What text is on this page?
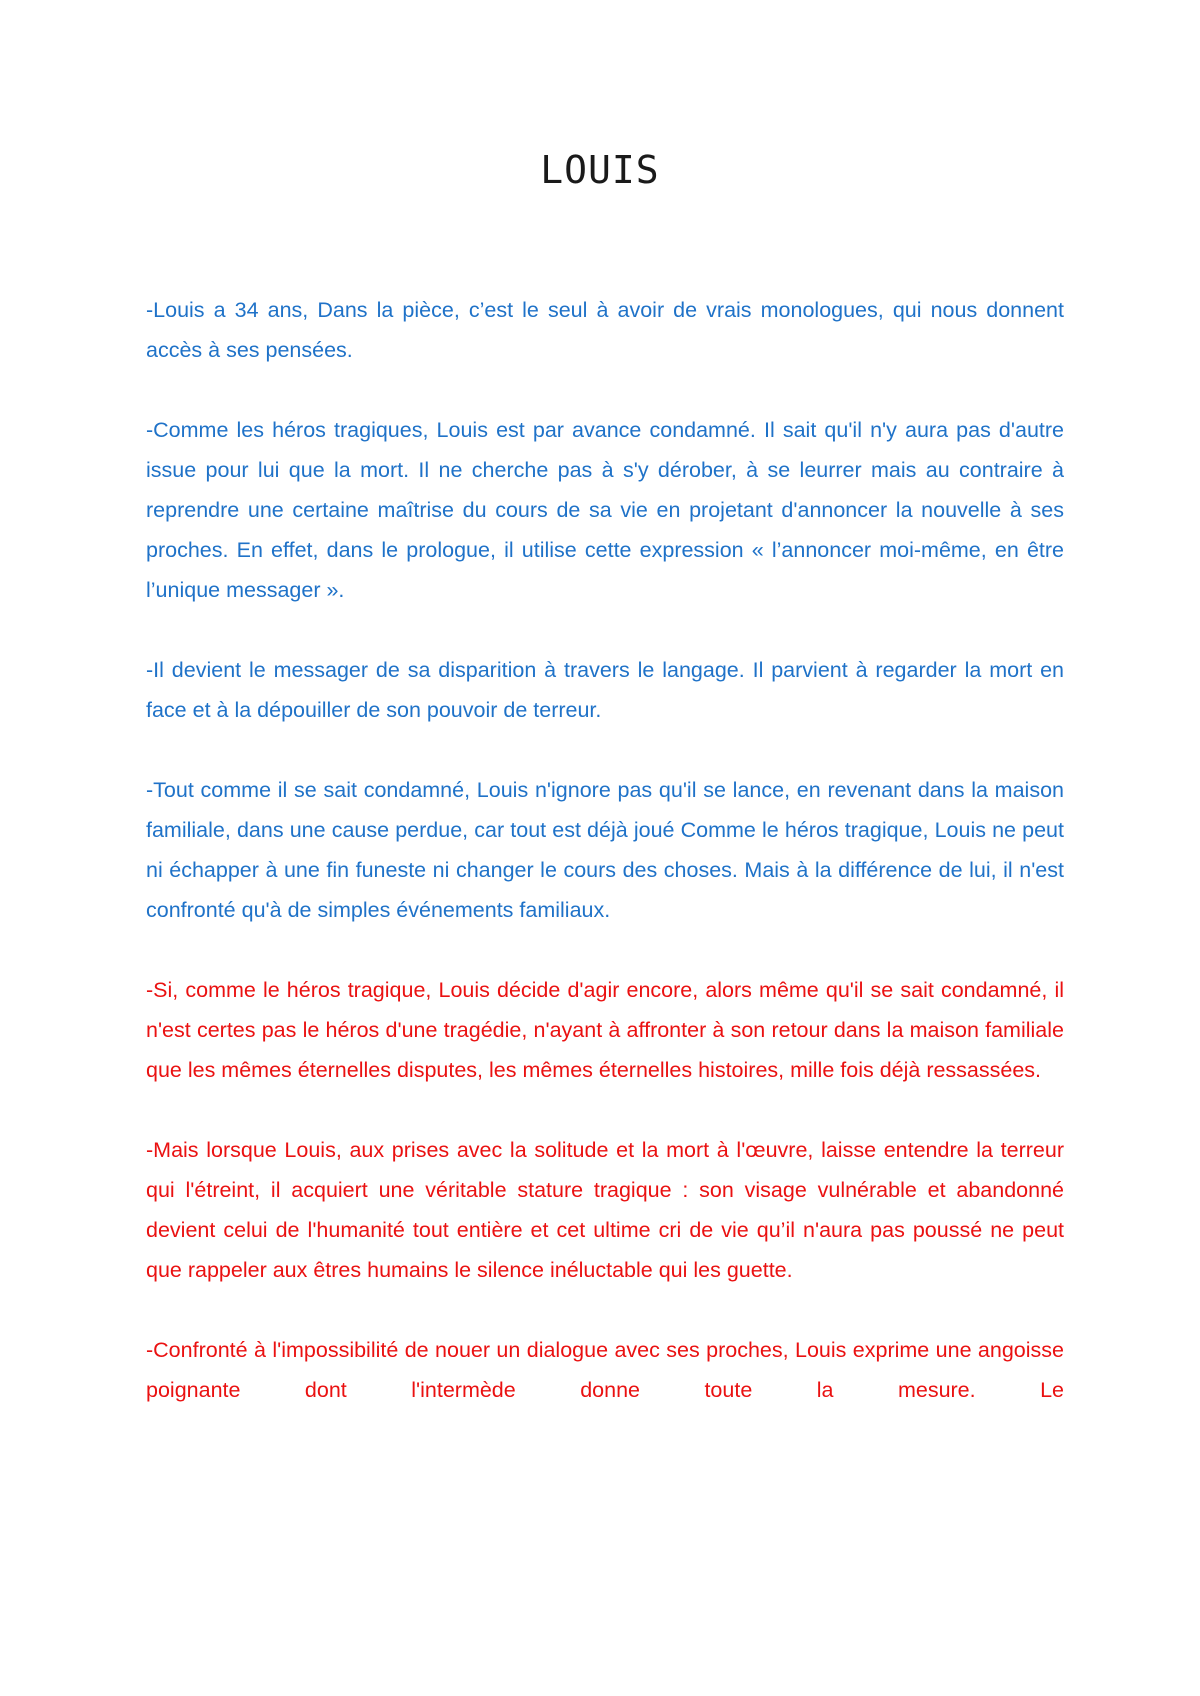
LOUIS

-Louis a 34 ans, Dans la pièce, c’est le seul à avoir de vrais monologues, qui nous donnent accès à ses pensées.

-Comme les héros tragiques, Louis est par avance condamné. Il sait qu'il n'y aura pas d'autre issue pour lui que la mort. Il ne cherche pas à s'y dérober, à se leurrer mais au contraire à reprendre une certaine maîtrise du cours de sa vie en projetant d'annoncer la nouvelle à ses proches. En effet, dans le prologue, il utilise cette expression « l’annoncer moi-même, en être l’unique messager ».

-Il devient le messager de sa disparition à travers le langage. Il parvient à regarder la mort en face et à la dépouiller de son pouvoir de terreur.

-Tout comme il se sait condamné, Louis n'ignore pas qu'il se lance, en revenant dans la maison familiale, dans une cause perdue, car tout est déjà joué Comme le héros tragique, Louis ne peut ni échapper à une fin funeste ni changer le cours des choses. Mais à la différence de lui, il n'est confronté qu'à de simples événements familiaux.

-Si, comme le héros tragique, Louis décide d'agir encore, alors même qu'il se sait condamné, il n'est certes pas le héros d'une tragédie, n'ayant à affronter à son retour dans la maison familiale que les mêmes éternelles disputes, les mêmes éternelles histoires, mille fois déjà ressassées.

-Mais lorsque Louis, aux prises avec la solitude et la mort à l'œuvre, laisse entendre la terreur qui l'étreint, il acquiert une véritable stature tragique : son visage vulnérable et abandonné devient celui de l'humanité tout entière et cet ultime cri de vie qu’il n'aura pas poussé ne peut que rappeler aux êtres humains le silence inéluctable qui les guette.

-Confronté à l'impossibilité de nouer un dialogue avec ses proches, Louis exprime une angoisse poignante dont l'intermède donne toute la mesure. Le
